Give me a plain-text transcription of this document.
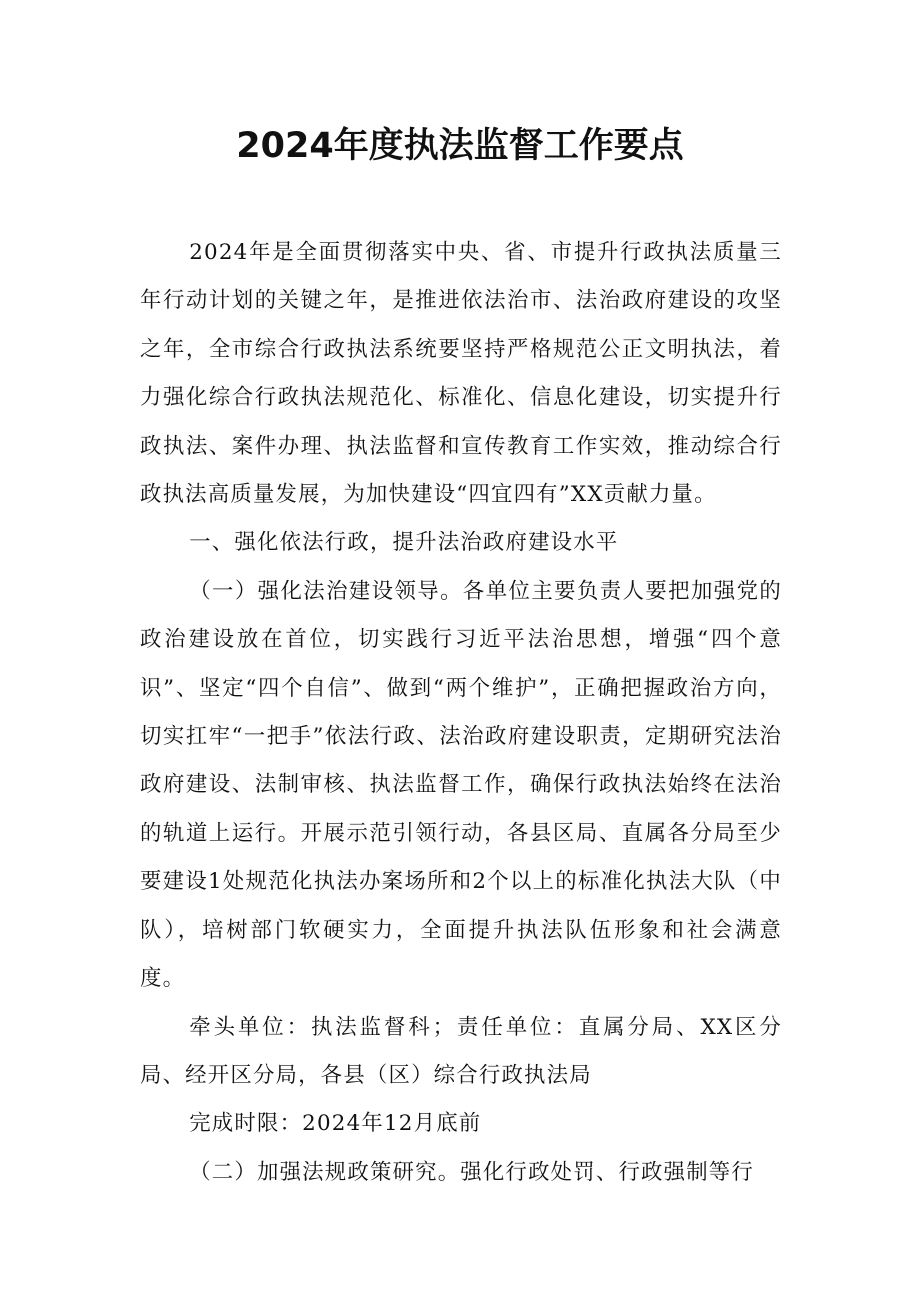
2024年度执法监督工作要点

2024年是全面贯彻落实中央、省、市提升行政执法质量三年行动计划的关键之年，是推进依法治市、法治政府建设的攻坚之年，全市综合行政执法系统要坚持严格规范公正文明执法，着力强化综合行政执法规范化、标准化、信息化建设，切实提升行政执法、案件办理、执法监督和宣传教育工作实效，推动综合行政执法高质量发展，为加快建设“四宜四有”XX贡献力量。

一、强化依法行政，提升法治政府建设水平

（一）强化法治建设领导。各单位主要负责人要把加强党的政治建设放在首位，切实践行习近平法治思想，增强“四个意识”、坚定“四个自信”、做到“两个维护”，正确把握政治方向，切实扛牢“一把手”依法行政、法治政府建设职责，定期研究法治政府建设、法制审核、执法监督工作，确保行政执法始终在法治的轨道上运行。开展示范引领行动，各县区局、直属各分局至少要建设1处规范化执法办案场所和2个以上的标准化执法大队（中队），培树部门软硬实力，全面提升执法队伍形象和社会满意度。

牵头单位：执法监督科；责任单位：直属分局、XX区分局、经开区分局，各县（区）综合行政执法局

完成时限：2024年12月底前

（二）加强法规政策研究。强化行政处罚、行政强制等行
